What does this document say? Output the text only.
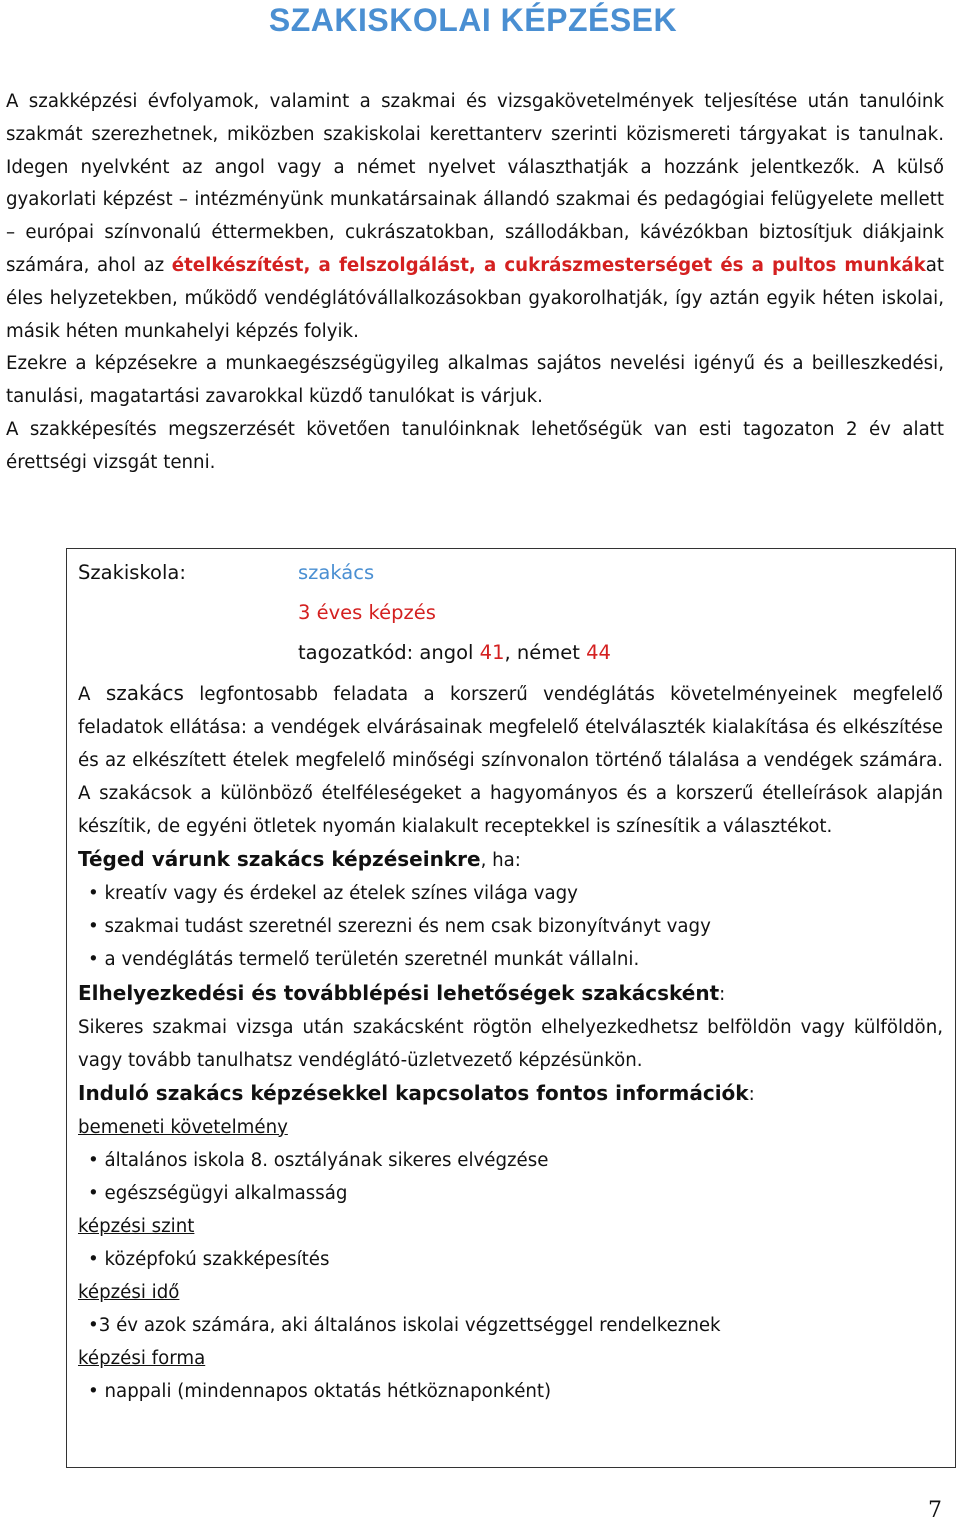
SZAKISKOLAI KÉPZÉSEK

A szakképzési évfolyamok, valamint a szakmai és vizsgakövetelmények teljesítése után tanulóink szakmát szerezhetnek, miközben szakiskolai kerettanterv szerinti közismereti tárgyakat is tanulnak. Idegen nyelvként az angol vagy a német nyelvet választhatják a hozzánk jelentkezők. A külső gyakorlati képzést – intézményünk munkatársainak állandó szakmai és pedagógiai felügyelete mellett – európai színvonalú éttermekben, cukrászatokban, szállodákban, kávézókban biztosítjuk diákjaink számára, ahol az ételkészítést, a felszolgálást, a cukrászmesterséget és a pultos munkákat éles helyzetekben, működő vendéglátóvállalkozásokban gyakorolhatják, így aztán egyik héten iskolai, másik héten munkahelyi képzés folyik.

Ezekre a képzésekre a munkaegészségügyileg alkalmas sajátos nevelési igényű és a beilleszkedési, tanulási, magatartási zavarokkal küzdő tanulókat is várjuk.

A szakképesítés megszerzését követően tanulóinknak lehetőségük van esti tagozaton 2 év alatt érettségi vizsgát tenni.

Szakiskola:	szakács
3 éves képzés
tagozatkód: angol 41, német 44

A szakács legfontosabb feladata a korszerű vendéglátás követelményeinek megfelelő feladatok ellátása: a vendégek elvárásainak megfelelő ételválaszték kialakítása és elkészítése és az elkészített ételek megfelelő minőségi színvonalon történő tálalása a vendégek számára. A szakácsok a különböző ételféleségeket a hagyományos és a korszerű ételleírások alapján készítik, de egyéni ötletek nyomán kialakult receptekkel is színesítik a választékot.

Téged várunk szakács képzéseinkre, ha:

• kreatív vagy és érdekel az ételek színes világa vagy
• szakmai tudást szeretnél szerezni és nem csak bizonyítványt vagy
• a vendéglátás termelő területén szeretnél munkát vállalni.

Elhelyezkedési és továbblépési lehetőségek szakácsként:

Sikeres szakmai vizsga után szakácsként rögtön elhelyezkedhetsz belföldön vagy külföldön, vagy tovább tanulhatsz vendéglátó-üzletvezető képzésünkön.

Induló szakács képzésekkel kapcsolatos fontos információk:

bemeneti követelmény
• általános iskola 8. osztályának sikeres elvégzése
• egészségügyi alkalmasság
képzési szint
• középfokú szakképesítés
képzési idő
• 3 év azok számára, aki általános iskolai végzettséggel rendelkeznek
képzési forma
• nappali (mindennapos oktatás hétköznaponként)
7
